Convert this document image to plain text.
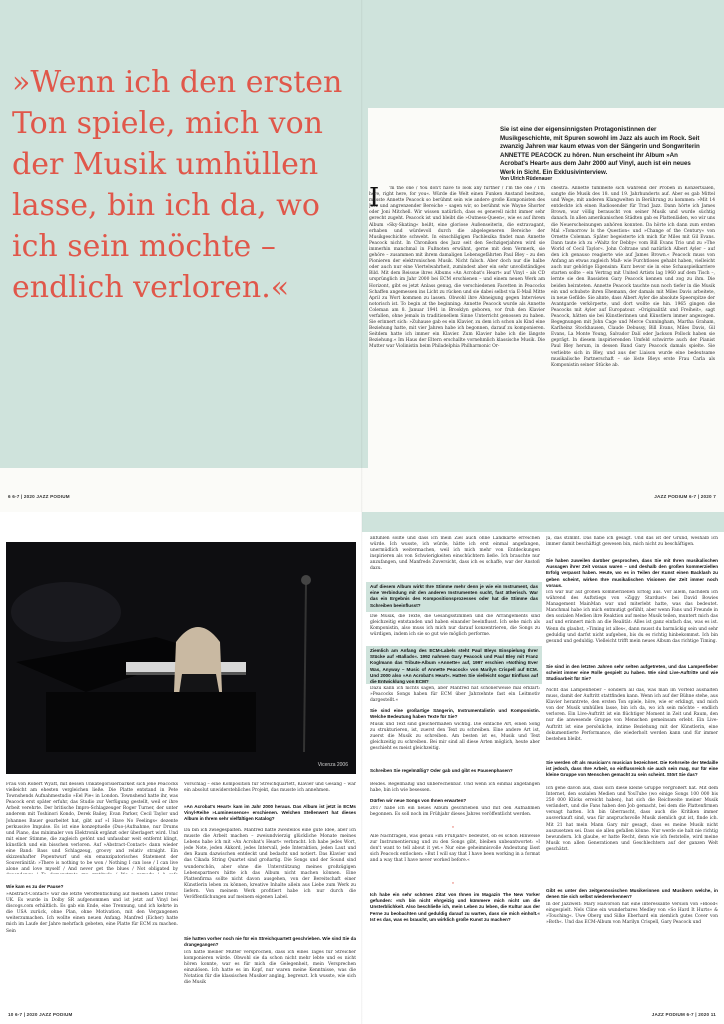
»Wenn ich den ersten Ton spiele, mich von der Musik umhüllen lasse, bin ich da, wo ich sein möchte – endlich verloren.«

Sie ist eine der eigensinnigsten Protagonistinnen der Musikgeschichte, mit Spuren sowohl im Jazz als auch im Rock. Seit zwanzig Jahren war kaum etwas von der Sängerin und Songwriterin ANNETTE PEACOCK zu hören. Nun erscheint ihr Album »An Acrobat's Heart« aus dem Jahr 2000 auf Vinyl, auch ist ein neues Werk in Sicht. Ein Exklusivinterview.

Von Ulrich Rüdenauer
I	'm the one / You don't have to look any further / I'm the one / I'm here, right here, for you«. Würde die Welt einen Funken Anstand besitzen, müsste Annette Peacock so berühmt sein wie andere große Komponisten des Jazz und angrenzender Bereiche – sagen wir, so berühmt wie Wayne Shorter oder Joni Mitchell. Wir wissen natürlich, dass es generell nicht immer sehr gerecht zugeht. Peacock ist und bleibt die »Outness-Queen«, wie es auf ihrem Album »Sky-Skating« heißt, eine gloriose Außenseiterin, die extravagant, erhaben und würdevoll durch die abgelegeneren Bereiche der Musikgeschichte schwebt. In einschlägigen Fachlexika findet man Annette Peacock nicht. In Chroniken des Jazz seit den Sechzigerjahren wird sie immerhin manchmal in Fußnoten erwähnt, gerne mit dem Vermerk, sie gehöre – zusammen mit ihrem damaligen Lebensgefährten Paul Bley – zu den Pionieren der elektronischen Musik. Nicht falsch. Aber doch nur die halbe oder auch nur eine Viertelwahrheit, zumindest aber ein sehr unvollständiges Bild. Mit dem Reissue ihres Albums »An Acrobat's Heart« auf Vinyl – als CD ursprünglich im Jahr 2000 bei ECM erschienen – und einem neuen Werk am Horizont, gibt es jetzt Anlass genug, die verschiedenen Facetten in Peacocks Schaffen angemessen ins Licht zu rücken und sie dabei selbst via E-Mail Mitte April zu Wort kommen zu lassen. Obwohl ihre Abneigung gegen Interviews notorisch ist. To begin at the beginning: Annette Peacock wurde als Annette Coleman am 8. Januar 1941 in Brooklyn geboren, vor fruh den Klavier verfallen, ohne jemals in traditionellem Sinne Unterricht genossen zu haben. Sie erinnert sich: »Zuhause gab es ein Klavier, zu dem ich schon als Kind eine Beziehung hatte, mit vier Jahren habe ich begonnen, darauf zu komponieren. Seitdem hatte ich immer ein Klavier. Zum Klavier habe ich die längste Beziehung.« Im Haus der Eltern erschallte vornehmlich klassische Musik. Die Mutter war Violinistin beim Philadelphia Philharmonic Or-

chestra. Annette tummelte sich während der Proben in Konzertsälen, sangte die Musik des 18. und 19. Jahrhunderts auf. Aber es gab Mittel und Wege, mit anderen Klangwelten in Berührung zu kommen: »Mit 14 entdeckte ich einen Radiosender für Trad Jazz. Dann hörte ich James Brown, war völlig berauscht von seiner Musik und wurde süchtig danach. In allen amerikanischen Städten gab es Plattenläden, wo wir uns die Neuerscheinungen anhören konnten. Da hörte ich dann zum ersten Mal »Tomorrow Is the Question« und »Change of the Century« von Ornette Coleman. Später begeisterte ich mich für Miles mit Gil Evans. Dann taute ich zu »Waltz for Debby« vom Bill Evans Trio und zu »The World of Cecil Taylor«. John Coltrane und natürlich Albert Ayler – auf den ich genauso reagierte wie auf James Brown.« Peacock muss von Anfang an etwas zugleich Maß- wie Furchtloses gehabt haben, vielleicht auch nur gehörige Eigensinn: Kurz bevor sie in eine Schauspielkarriere starten sollte – ein Vertrag mit United Artists lag 1960 auf dem Tisch –, lernte sie den Bassisten Gary Peacock kennen und zog zu ihm. Die beiden heirateten. Annette Peacock tauchte nun noch tiefer in die Musik ein und schubste ihren Ehemann, der damals mit Miles Davis arbeitete, in neue Gefilde: Sie ahnte, dass Albert Ayler die absolute Speerspitze der Avantgarde verkörperte, und dort wollte sie hin. 1965 gingen die Peacocks mit Ayler auf Europatour. »Originalität und Freiheit«, sagt Peacock, hätten sie bei Künstlerinnen und Künstlern immer angezogen. Begegnungen mit John Cage und Merce Cunningham, Martha Graham, Karlheinz Stockhausen, Claude Debussy, Bill Evans, Miles Davis, Gil Evans, La Monte Young, Salvador Dalí oder Jackson Pollock haben sie geprägt. In diesem inspirierenden Umfeld schwirrte auch der Pianist Paul Bley herum, in dessen Band Gary Peacock damals spielte. Sie verliebte sich in Bley, und aus der Liaison wurde eine bedeutsame musikalische Partnerschaft – sie löste Bleys erste Frau Carla als Komponistin seiner Stücke ab.

6 6-7 | 2020 JAZZ PODIUM	JAZZ PODIUM 6-7 | 2020 7
Vicenza 2006

Frau von Robert Wyatt, mit dessen Unkategorisierbarkeit sich jene Peacocks vielleicht am ehesten vergleichen ließe. Die Platte entstand in Pete Townshends Aufnahmestudio »Eel Pie« in London. Townshend hatte ihr, was Peacock erst später erfuhr, das Studio zur Verfügung gestellt, weil er ihre Arbeit verehrte. Der britische Impro-Schlagzeuger Roger Turner, der unter anderem mit Toshinori Kondo, Derek Bailey, Evan Parker, Cecil Taylor und Johannes Bauer gearbeitet hat, gibt auf »I Have No Feelings« dezente perkussive Impulse. Es ist eine konzeptuelle (Duo-)Aufnahme, nur Drums und Piano, das minimaler von Elektronik ergänzt oder überlagert wird. Und mit einer Stimme, die zugleich getönt und unfassbar weit entfernt klingt, künstlich und ein bisschen verloren. Auf »Abstract-Contact« dann wieder eine Band: Bass und Schlagzeug, groovy and relativ straight. Ein skizzenhafter Popentwurf und ein emanzipatorisches Statement der Souveränität: »There is nothing to be won / Nothing I can lose / I can live alone and love myself / And never get the blues / Not obligated by

Wie kam es zu der Pause?

»Abstract-Contact« war die letzte Veröffentlichung auf meinem Label Ironic UK. Es wurde in Dolby SR aufgenommen und ist jetzt auf Vinyl bei discogs.com erhältlich. Es gab ein Ende, eine Trennung, und ich kehrte in die USA zurück, ohne Plan, ohne Motivation, mit den Vergangenen weiterzumachen. Ich wollte einen neuen Anfang. Manfred (Eicher) hatte mich im Laufe der Jahre mehrfach gebeten, eine Platte für ECM zu machen. Sein

Vorschlag – eine Komposition für Streichquartett, Klavier und Gesang – war ein absolut unwiderstehliches Projekt, das musste ich annehmen.

»An Acrobat's Heart« kam im Jahr 2000 heraus. Das Album ist jetzt in ECMs Vinyl-Reihe »Luminessence« erschienen. Welchen Stellenwert hat dieses Album in Ihrem sehr vielfältigen Katalog?

Da bin ich zwiegespalten. Manfred hatte zweifellos eine gute Idee, aber ich musste die Arbeit machen – zweiundvierzig glückliche Monate meines Lebens habe ich mit »An Acrobat's Heart« verbracht. Ich habe jedes Wort, jede Note, jeden Akkord, jedes Intervall, jede Interaktion, jeden Laut und den Raum dazwischen entdeckt und bedacht und notiert. Das Klavier und das Cikada String Quartet sind großartig. Die Songs und der Sound sind wunderschön, aber ohne die Unterstützung meines großzügigen Lebenspartners hätte ich das Album nicht machen können. Eine Plattenfirma sollte nicht davon ausgehen, von der Bereitschaft einer Künstlerin leben zu können, kreative Inhalte allein aus Liebe zum Werk zu liefern. Von meinem Werk profitiert habe ich nur durch die Veröffentlichungen auf meinem eigenen Label.

Sie hatten vorher noch nie für ein Streichquartett geschrieben. Wie sind Sie da drangegangen?

Ich hatte meiner Mutter versprochen, dass ich eines Tages für Streicher komponieren würde. Obwohl sie da schon nicht mehr lebte und es nicht hören konnte, war es für mich die Gelegenheit, mein Versprechen einzulösen. Ich hatte es im Kopf, nur waren meine Kenntnisse, was die Notation für die klassischen Musiker anging, begrenzt. Ich wusste, wie sich die Musik

anfühlen sollte und dass ich mein Ziel auch ohne Landkarte erreichen würde. Ich wusste, ich würde, hätte ich erst einmal angefangen, unermüdlich weitermachen, weil ich mich mehr von Entdeckungen inspirieren als von Schwierigkeiten einschüchtern ließe. Ich brauchte nur anzufangen, und Manfreds Zuversicht, dass ich es schaffe, war der Anstoß dazu.

Auf diesem Album wirkt Ihre Stimme mehr denn je wie ein Instrument, das eine Verbindung mit den anderen Instrumenten sucht, fast ätherisch. War das ein Ergebnis des Kompositionsprozesses oder hat die Stimme das Schreiben beeinflusst?

Die Musik, die Texte, die Gesangsstimmen und die Arrangements sind gleichzeitig entstanden und haben einander beeinflusst. Ich sehe mich als Komponistin, also muss ich mich nur darauf konzentrieren, die Songs zu würdigen, indem ich sie so gut wie möglich performe.

Ziemlich am Anfang des ECM-Labels steht Paul Bleys Einspielung Ihrer Stücke auf »Ballads«. 1992 nahmen Gary Peacock und Paul Bley mit Franz Koglmann das Tribute-Album »Annette« auf, 1997 erschien »Nothing Ever Was, Anyway – Music of Annette Peacock« von Marilyn Crispell auf ECM. Und 2000 also »An Acrobat's Heart«. Hatten Sie vielleicht sogar Einfluss auf die Entwicklung von ECM?

Dazu kann ich nichts sagen, aber Manfred hat schönerweise mal erklärt: »Peacocks Songs haben für ECM über Jahrzehnte fast ein Leitmotiv dargestellt.«

Sie sind eine großartige Sängerin, Instrumentalistin und Komponistin. Welche Bedeutung haben Texte für Sie?

Musik und Text sind gleichermaßen wichtig. Die einfache Art, einen Song zu strukturieren, ist, zuerst den Text zu schreiben. Eine andere Art ist, zuerst die Musik zu schreiben. Am besten ist es, Musik und Text gleichzeitig zu schreiben. Bei mir sind all diese Arten möglich, heute aber geschieht es meist gleichzeitig.

Schreiben Sie regelmäßig? Oder gab und gibt es Pausenphasen?

Beides. Regelmäßig und unberechenbar. Und wenn ich einmal angefangen habe, bin ich wie besessen.

Dürfen wir neue Songs von Ihnen erwarten?

2017 habe ich ein neues Album geschrieben und mit den Aufnahmen begonnen. Es soll noch im Frühjahr dieses Jahres veröffentlicht werden.

*

Alle Nachfragen, was genau »im Frühjahr« bedeutet, ob es schon Hinweise zur Instrumentierung und zu den Songs gibt, bleiben unbeantwortet: »I don't want to tell about it yet.« Nur eine geheimnisvolle Andeutung lässt sich Peacock entlocken: »But I will say that I have been working in a format and a way that I have never worked before.«

*

Ich habe ein sehr schönes Zitat von Ihnen im Magazin The New Yorker gefunden: »Ich bin nicht ehrgeizig und kümmere mich nicht um die Unsterblichkeit. Also beschließe ich, mein Leben zu leben, die Kultur aus der Ferne zu beobachten und geduldig darauf zu warten, dass sie mich einholt.« Ist es das, was es braucht, um wirklich große Kunst zu machen?

Ja, das stimmt. Das habe ich gesagt. Und das ist der Grund, weshalb ich immer damit beschäftigt gewesen bin, mich nicht zu beschäftigen.

Sie haben zuweilen darüber gesprochen, dass Sie mit Ihren musikalischen Aussagen ihrer Zeit voraus waren – und deshalb den großen kommerziellen Erfolg verpasst haben. Heute, wo es in Teilen der Kunst einen Backlash zu geben scheint, wirken Ihre musikalischen Visionen der Zeit immer noch voraus.

Ich war nur auf großen kommerziellen Erfolg aus. Vor allem, nachdem ich während des Auftstiegs von »Ziggy Stardust« bei David Bowies Management MainMan war und miterlebt hatte, was das bedeutet. Manchmal habe ich mich entmutigt gefühlt, aber wenn Fans und Freunde in den sozialen Medien ihre Reaktion auf meine Musik teilen, muntert mich das auf und erinnert mich an die Realität: Alles ist ganz einfach das, was es ist. Wenn du glaubst, »Timing ist alles«, dann musst du barmäckig sein und sehr geduldig und darfst nicht aufgeben, bis du es richtig hinbekommst. Ich bin gesund und geduldig. Vielleicht trifft mein neues Album das richtige Timing.

Sie sind in den letzten Jahren sehr selten aufgetreten, und das Lampenfieber scheint immer eine Rolle gespielt zu haben. Wie sind Live-Auftritte und wie Studioarbeit für Sie?

Nicht das Lampenfieber – sondern all das, was man im Vorfeld aushalten muss, damit der Auftritt stattfinden kann. Wenn ich auf der Bühne stehe, aus Klavier herantrete, den ersten Ton spiele, höre, wie er erklingt, und mich von der Musik umhüllen lasse, bin ich da, wo ich sein möchte – endlich verloren. Ein Live-Auftritt ist ein flüchtiger Moment in Zeit und Raum, den nur die anwesende Gruppe von Menschen gemeinsam erlebt. Ein Live-Auftritt ist eine persönliche, intime Beziehung mit der Künstlerin, eine dokumentierte Performance, die wiederholt werden kann und für immer bestehen bleibt.

Sie werden oft als musician's musician bezeichnet. Die Kehrseite der Medaille ist jedoch, dass Ihre Arbeit, so einflussreich sie auch sein mag, nur für eine kleine Gruppe von Menschen gemacht zu sein scheint. Stört Sie das?

Ich gehe davon aus, dass sich diese kleine Gruppe vergrößert hat. Mit dem Internet, den sozialen Medien und YouTube (wo einige Songs 100 000 bis 250 000 Klicks erreicht haben), hat sich die Reichweite meiner Musik verändert, und die Fans haben den Job gemacht, bei dem die Plattenfirmen versagt hatten. Ich bin überrascht, dass auch die Kritiken immer ausverkauft sind, was für anspruchsvolle Musik ziemlich gut ist, finde ich. Mit 21 hat mein Mann Gary mir gesagt, dass es meine Musik nicht auszusetzen sei. Dass sie allen gefallen könne. Nur werde sie halt nie richtig bewundern. Ich glaube, er hatte Recht, denn wie ich feststelle, wird meine Musik von allen Generationen und Geschlechtern auf der ganzen Welt geschätzt.

Gibt es unter den zeitgenössischen Musikerinnen und Musikern welche, in denen Sie sich selbst wiedererkennen?

In der Jazzwelt: Mary Halvorson hat eine interessante Version von »Blood« eingespielt. Nels Cline ein wunderbares Medley von »So Hard It Hurts« & »Touching«. Uwe Oberg und Silke Eberhard ein ziemlich gutes Cover von »Both«. Und das ECM-Album von Marilyn Crispell, Gary Peacock und

10 6-7 | 2020 JAZZ PODIUM	JAZZ PODIUM 6-7 | 2020 11
